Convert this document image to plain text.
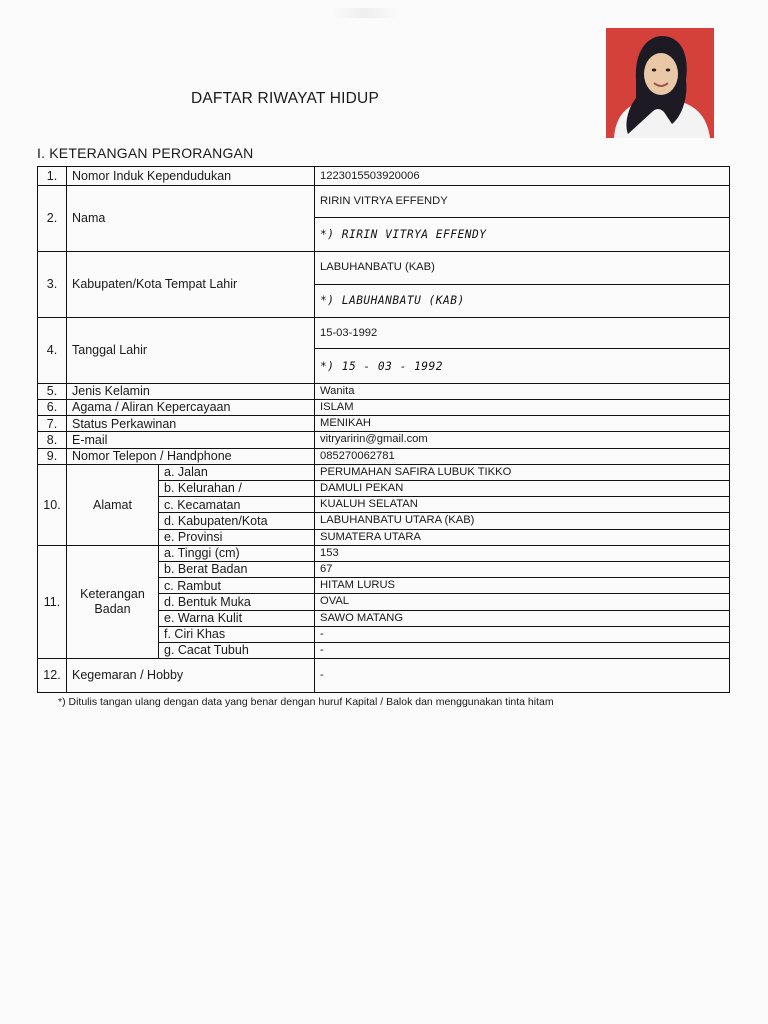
DAFTAR RIWAYAT HIDUP
I. KETERANGAN PERORANGAN
1.	Nomor Induk Kependudukan		1223015503920006
2.	Nama		RIRIN VITRYA EFFENDY
			*) RIRIN VITRYA EFFENDY
3.	Kabupaten/Kota Tempat Lahir		LABUHANBATU (KAB)
			*) LABUHANBATU (KAB)
4.	Tanggal Lahir		15-03-1992
			*) 15 - 03 - 1992
5.	Jenis Kelamin		Wanita
6.	Agama / Aliran Kepercayaan		ISLAM
7.	Status Perkawinan		MENIKAH
8.	E-mail		vitryaririn@gmail.com
9.	Nomor Telepon / Handphone		085270062781
10.	Alamat	a. Jalan	PERUMAHAN SAFIRA LUBUK TIKKO
		b. Kelurahan /	DAMULI PEKAN
		c. Kecamatan	KUALUH SELATAN
		d. Kabupaten/Kota	LABUHANBATU UTARA (KAB)
		e. Provinsi	SUMATERA UTARA
11.	Keterangan
Badan	a. Tinggi (cm)	153
		b. Berat Badan	67
		c. Rambut	HITAM LURUS
		d. Bentuk Muka	OVAL
		e. Warna Kulit	SAWO MATANG
		f. Ciri Khas	-
		g. Cacat Tubuh	-
12.	Kegemaran / Hobby		-
*) Ditulis tangan ulang dengan data yang benar dengan huruf Kapital / Balok dan menggunakan tinta hitam
